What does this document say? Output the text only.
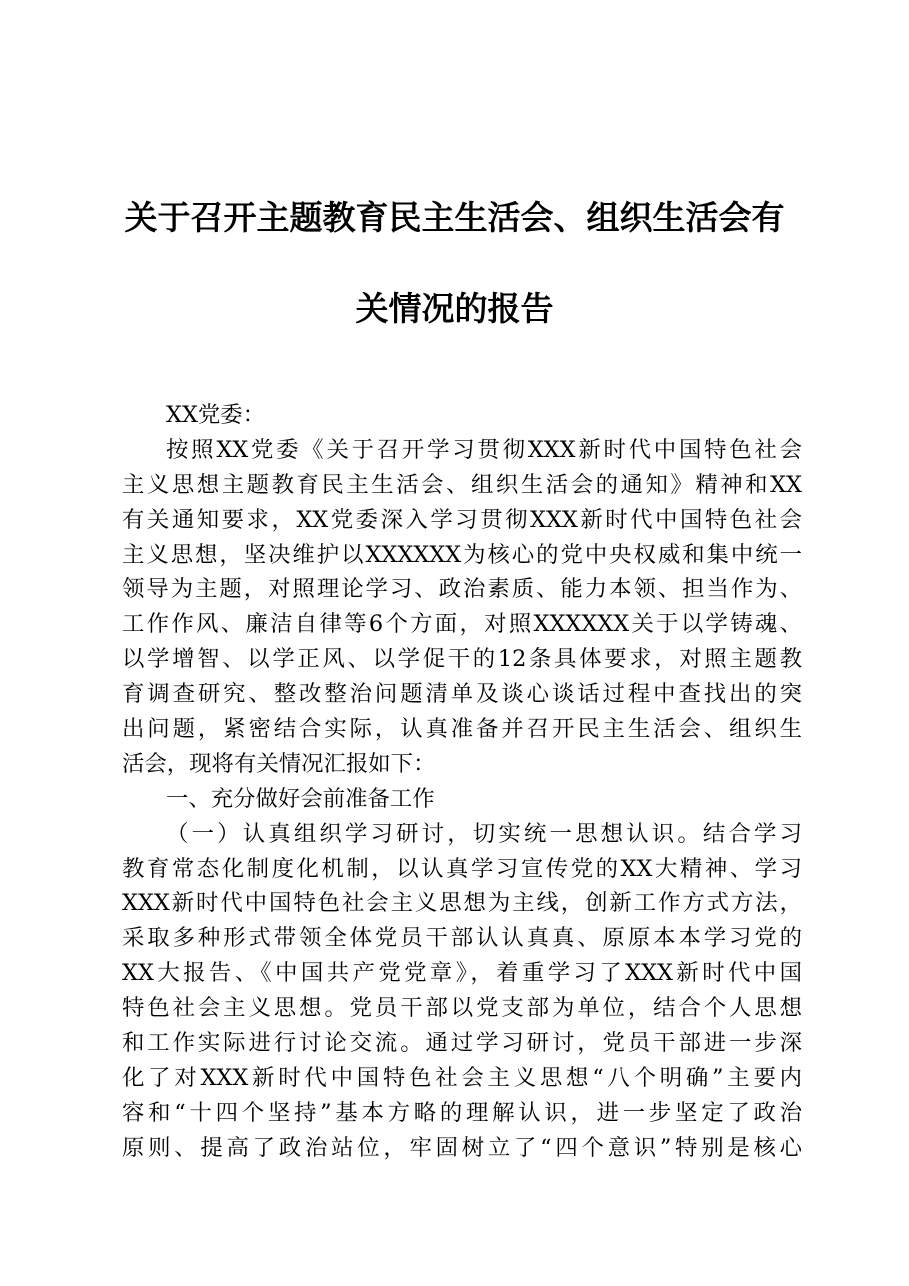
关于召开主题教育民主生活会、组织生活会有
关情况的报告
XX党委：
按照XX党委《关于召开学习贯彻XXX新时代中国特色社会
主义思想主题教育民主生活会、组织生活会的通知》精神和XX
有关通知要求，XX党委深入学习贯彻XXX新时代中国特色社会
主义思想，坚决维护以XXXXXX为核心的党中央权威和集中统一
领导为主题，对照理论学习、政治素质、能力本领、担当作为、
工作作风、廉洁自律等6个方面，对照XXXXXX关于以学铸魂、
以学增智、以学正风、以学促干的12条具体要求，对照主题教
育调查研究、整改整治问题清单及谈心谈话过程中查找出的突
出问题，紧密结合实际，认真准备并召开民主生活会、组织生
活会，现将有关情况汇报如下：
一、充分做好会前准备工作
（一）认真组织学习研讨，切实统一思想认识。结合学习
教育常态化制度化机制，以认真学习宣传党的XX大精神、学习
XXX新时代中国特色社会主义思想为主线，创新工作方式方法，
采取多种形式带领全体党员干部认认真真、原原本本学习党的
XX大报告、《中国共产党党章》，着重学习了XXX新时代中国
特色社会主义思想。党员干部以党支部为单位，结合个人思想
和工作实际进行讨论交流。通过学习研讨，党员干部进一步深
化了对XXX新时代中国特色社会主义思想“八个明确”主要内
容和“十四个坚持”基本方略的理解认识，进一步坚定了政治
原则、提高了政治站位，牢固树立了“四个意识”特别是核心
